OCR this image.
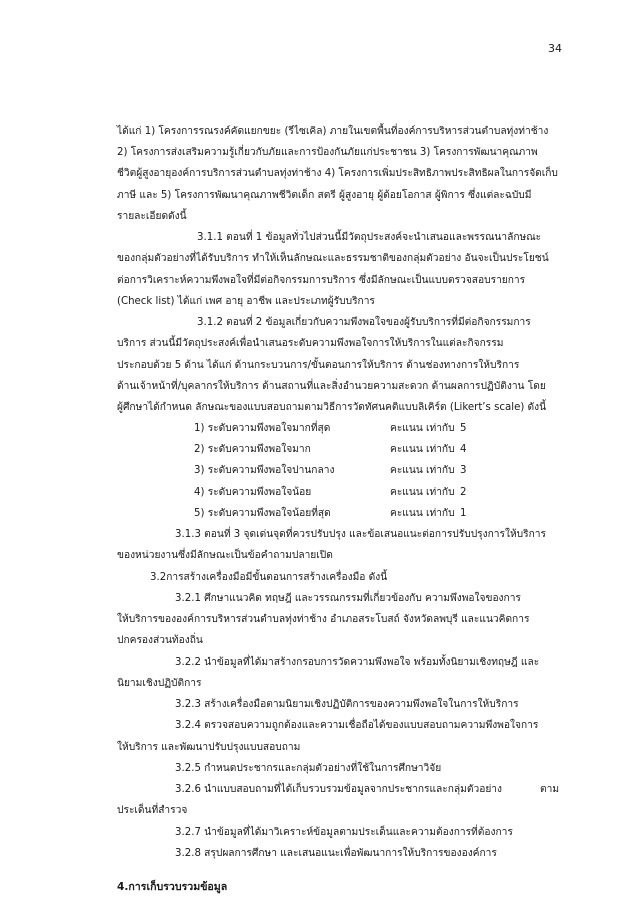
34
ได้แก่ 1) โครงการรณรงค์คัดแยกขยะ (รีไซเคิล) ภายในเขตพื้นที่องค์การบริหารส่วนตำบลทุ่งท่าช้าง
2) โครงการส่งเสริมความรู้เกี่ยวกับภัยและการป้องกันภัยแก่ประชาชน 3) โครงการพัฒนาคุณภาพ
ชีวิตผู้สูงอายุองค์การบริการส่วนตำบลทุ่งท่าช้าง 4) โครงการเพิ่มประสิทธิภาพประสิทธิผลในการจัดเก็บ
ภาษี และ 5) โครงการพัฒนาคุณภาพชีวิตเด็ก สตรี ผู้สูงอายุ ผู้ด้อยโอกาส ผู้พิการ ซึ่งแต่ละฉบับมี
รายละเอียดดังนี้
3.1.1 ตอนที่ 1 ข้อมูลทั่วไปส่วนนี้มีวัตถุประสงค์จะนำเสนอและพรรณนาลักษณะ
ของกลุ่มตัวอย่างที่ได้รับบริการ ทำให้เห็นลักษณะและธรรมชาติของกลุ่มตัวอย่าง อันจะเป็นประโยชน์
ต่อการวิเคราะห์ความพึงพอใจที่มีต่อกิจกรรมการบริการ ซึ่งมีลักษณะเป็นแบบตรวจสอบรายการ
(Check list) ได้แก่ เพศ อายุ อาชีพ และประเภทผู้รับบริการ
3.1.2 ตอนที่ 2 ข้อมูลเกี่ยวกับความพึงพอใจของผู้รับบริการที่มีต่อกิจกรรมการ
บริการ ส่วนนี้มีวัตถุประสงค์เพื่อนำเสนอระดับความพึงพอใจการให้บริการในแต่ละกิจกรรม
ประกอบด้วย 5 ด้าน ได้แก่ ด้านกระบวนการ/ขั้นตอนการให้บริการ ด้านช่องทางการให้บริการ
ด้านเจ้าหน้าที่/บุคลากรให้บริการ ด้านสถานที่และสิ่งอำนวยความสะดวก ด้านผลการปฏิบัติงาน โดย
ผู้ศึกษาได้กำหนด ลักษณะของแบบสอบถามตามวิธีการวัดทัศนคติแบบลิเคิร์ต (Likert’s scale) ดังนี้
1) ระดับความพึงพอใจมากที่สุด	คะแนน เท่ากับ 5
2) ระดับความพึงพอใจมาก	คะแนน เท่ากับ 4
3) ระดับความพึงพอใจปานกลาง	คะแนน เท่ากับ 3
4) ระดับความพึงพอใจน้อย	คะแนน เท่ากับ 2
5) ระดับความพึงพอใจน้อยที่สุด	คะแนน เท่ากับ 1
3.1.3 ตอนที่ 3 จุดเด่นจุดที่ควรปรับปรุง และข้อเสนอแนะต่อการปรับปรุงการให้บริการ
ของหน่วยงานซึ่งมีลักษณะเป็นข้อคำถามปลายเปิด
3.2การสร้างเครื่องมือมีขั้นตอนการสร้างเครื่องมือ ดังนี้
3.2.1 ศึกษาแนวคิด ทฤษฎี และวรรณกรรมที่เกี่ยวข้องกับ ความพึงพอใจของการ
ให้บริการขององค์การบริหารส่วนตำบลทุ่งท่าช้าง อำเภอสระโบสถ์ จังหวัดลพบุรี และแนวคิดการ
ปกครองส่วนท้องถิ่น
3.2.2 นำข้อมูลที่ได้มาสร้างกรอบการวัดความพึงพอใจ พร้อมทั้งนิยามเชิงทฤษฎี และ
นิยามเชิงปฏิบัติการ
3.2.3 สร้างเครื่องมือตามนิยามเชิงปฏิบัติการของความพึงพอใจในการให้บริการ
3.2.4 ตรวจสอบความถูกต้องและความเชื่อถือได้ของแบบสอบถามความพึงพอใจการ
ให้บริการ และพัฒนาปรับปรุงแบบสอบถาม
3.2.5 กำหนดประชากรและกลุ่มตัวอย่างที่ใช้ในการศึกษาวิจัย
3.2.6 นำแบบสอบถามที่ได้เก็บรวบรวมข้อมูลจากประชากรและกลุ่มตัวอย่าง	ตาม
ประเด็นที่สำรวจ
3.2.7 นำข้อมูลที่ได้มาวิเคราะห์ข้อมูลตามประเด็นและความต้องการที่ต้องการ
3.2.8 สรุปผลการศึกษา และเสนอแนะเพื่อพัฒนาการให้บริการขององค์การ
4.การเก็บรวบรวมข้อมูล
